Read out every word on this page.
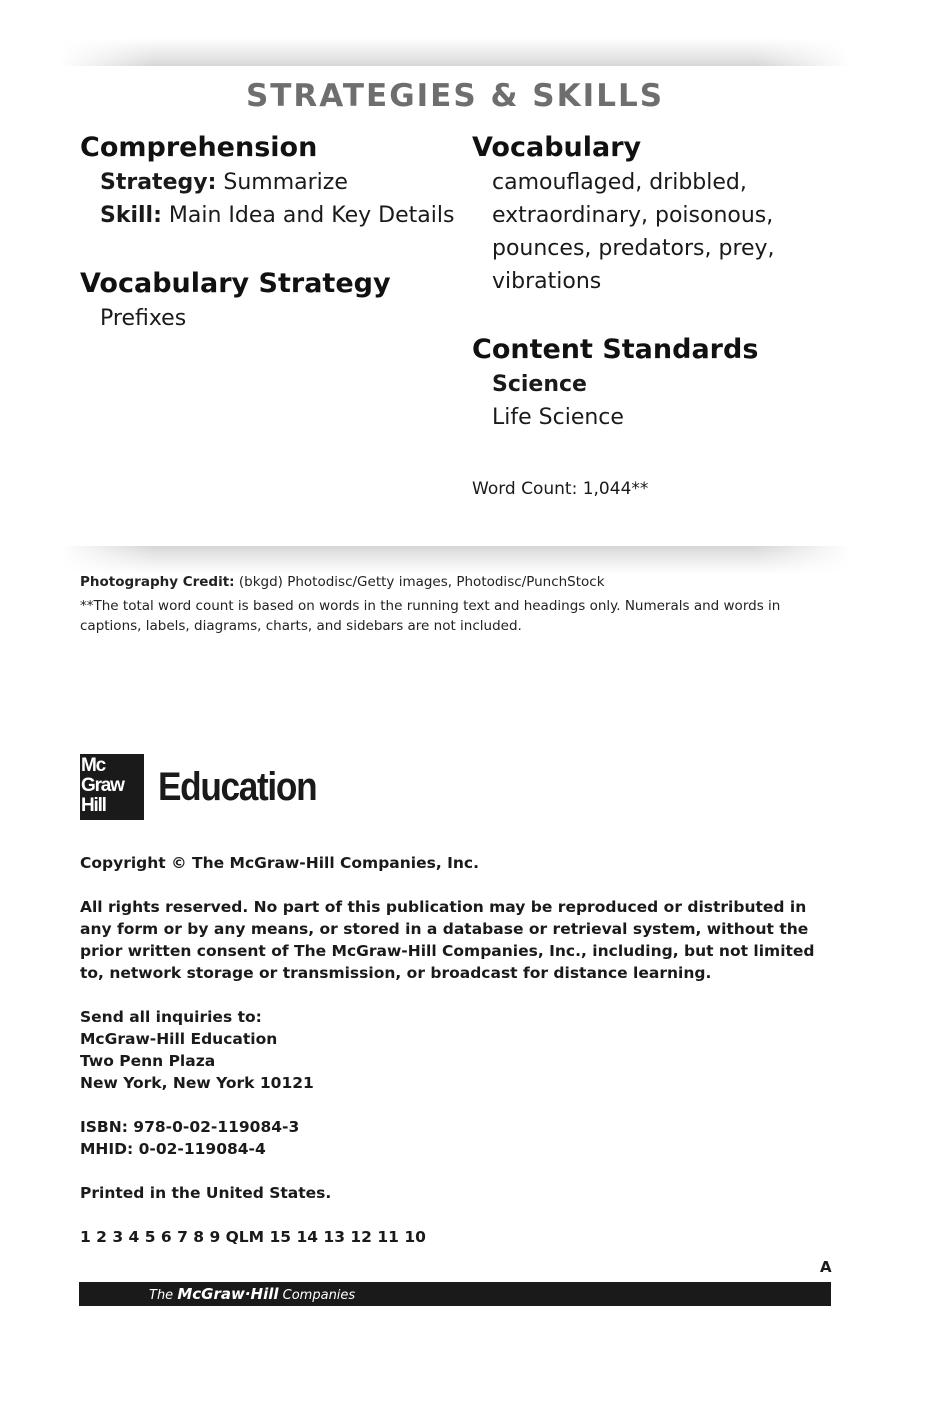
STRATEGIES & SKILLS
Comprehension
Strategy: Summarize
Skill: Main Idea and Key Details
Vocabulary Strategy
Prefixes
Vocabulary
camouflaged, dribbled,
extraordinary, poisonous,
pounces, predators, prey,
vibrations
Content Standards
Science
Life Science
Word Count: 1,044**

Photography Credit: (bkgd) Photodisc/Getty images, Photodisc/PunchStock

**The total word count is based on words in the running text and headings only. Numerals and words in captions, labels, diagrams, charts, and sidebars are not included.

Mc
Graw
Hill	Education
Copyright © The McGraw-Hill Companies, Inc.
All rights reserved. No part of this publication may be reproduced or distributed in any form or by any means, or stored in a database or retrieval system, without the prior written consent of The McGraw-Hill Companies, Inc., including, but not limited to, network storage or transmission, or broadcast for distance learning.
Send all inquiries to:
McGraw-Hill Education
Two Penn Plaza
New York, New York 10121
ISBN: 978-0-02-119084-3
MHID: 0-02-119084-4
Printed in the United States.
1 2 3 4 5 6 7 8 9 QLM 15 14 13 12 11 10
A
The McGraw·Hill Companies
